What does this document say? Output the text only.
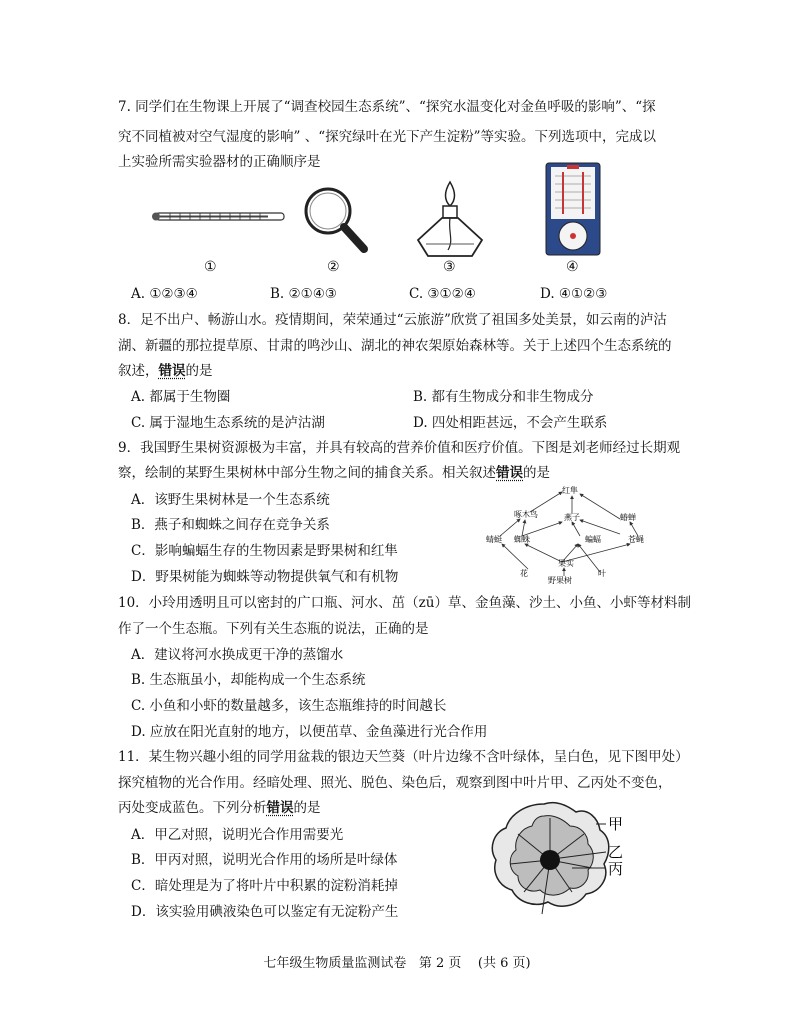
7. 同学们在生物课上开展了“调查校园生态系统”、“探究水温变化对金鱼呼吸的影响”、“探
究不同植被对空气湿度的影响” 、“探究绿叶在光下产生淀粉”等实验。下列选项中，完成以
上实验所需实验器材的正确顺序是
①	②	③	④
A. ①②③④	B. ②①④③	C. ③①②④	D. ④①②③
8．足不出户、畅游山水。疫情期间，荣荣通过“云旅游”欣赏了祖国多处美景，如云南的泸沽
湖、新疆的那拉提草原、甘肃的鸣沙山、湖北的神农架原始森林等。关于上述四个生态系统的
叙述，错误的是
A. 都属于生物圈	B. 都有生物成分和非生物成分
C. 属于湿地生态系统的是泸沽湖	D. 四处相距甚远，不会产生联系
9．我国野生果树资源极为丰富，并具有较高的营养价值和医疗价值。下图是刘老师经过长期观
察，绘制的某野生果树林中部分生物之间的捕食关系。相关叙述错误的是
A．该野生果树林是一个生态系统
B．燕子和蜘蛛之间存在竞争关系
C．影响蝙蝠生存的生物因素是野果树和红隼
D．野果树能为蜘蛛等动物提供氧气和有机物
红隼
啄木鸟	燕子	蝽蝉
蜘蛛
蜻蜓	蝙蝠	苍蝇
果实
花	叶
野果树
10．小玲用透明且可以密封的广口瓶、河水、茁（zū）草、金鱼藻、沙土、小鱼、小虾等材料制
作了一个生态瓶。下列有关生态瓶的说法，正确的是
A．建议将河水换成更干净的蒸馏水
B. 生态瓶虽小，却能构成一个生态系统
C. 小鱼和小虾的数量越多，该生态瓶维持的时间越长
D. 应放在阳光直射的地方，以便茁草、金鱼藻进行光合作用
11．某生物兴趣小组的同学用盆栽的银边天竺葵（叶片边缘不含叶绿体，呈白色，见下图甲处）
探究植物的光合作用。经暗处理、照光、脱色、染色后，观察到图中叶片甲、乙丙处不变色，
丙处变成蓝色。下列分析错误的是
A．甲乙对照，说明光合作用需要光
B．甲丙对照，说明光合作用的场所是叶绿体
C．暗处理是为了将叶片中积累的淀粉消耗掉
D．该实验用碘液染色可以鉴定有无淀粉产生
甲
乙
丙
七年级生物质量监测试卷   第 2 页    (共 6 页)
